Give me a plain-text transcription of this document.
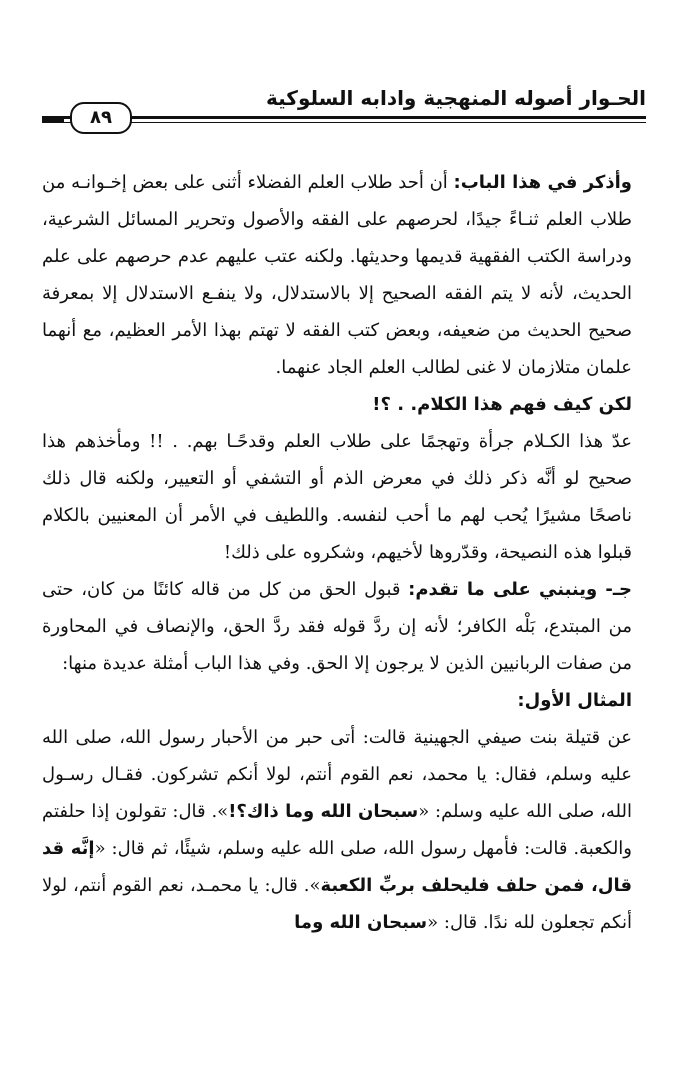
الحـوار أصوله المنهجية وادابه السلوكية
٨٩

وأذكر في هذا الباب: أن أحد طلاب العلم الفضلاء أثنى على بعض إخـوانـه من طلاب العلم ثنـاءً جيدًا، لحرصهم على الفقه والأصول وتحرير المسائل الشرعية، ودراسة الكتب الفقهية قديمها وحديثها. ولكنه عتب عليهم عدم حرصهم على علم الحديث، لأنه لا يتم الفقه الصحيح إلا بالاستدلال، ولا ينفـع الاستدلال إلا بمعرفة صحيح الحديث من ضعيفه، وبعض كتب الفقه لا تهتم بهذا الأمر العظيم، مع أنهما علمان متلازمان لا غنى لطالب العلم الجاد عنهما.

لكن كيف فهم هذا الكلام. . ؟!

عدّ هذا الكـلام جرأة وتهجمًا على طلاب العلم وقدحًـا بهم. . !! ومأخذهم هذا صحيح لو أنَّه ذكر ذلك في معرض الذم أو التشفي أو التعيير، ولكنه قال ذلك ناصحًا مشيرًا يُحب لهم ما أحب لنفسه. واللطيف في الأمر أن المعنيين بالكلام قبلوا هذه النصيحة، وقدّروها لأخيهم، وشكروه على ذلك!

جـ- وينبني على ما تقدم: قبول الحق من كل من قاله كائنًا من كان، حتى من المبتدع، بَلْه الكافر؛ لأنه إن ردَّ قوله فقد ردَّ الحق، والإنصاف في المحاورة من صفات الربانيين الذين لا يرجون إلا الحق. وفي هذا الباب أمثلة عديدة منها:

المثال الأول:

عن قتيلة بنت صيفي الجهينية قالت: أتى حبر من الأحبار رسول الله، صلى الله عليه وسلم، فقال: يا محمد، نعم القوم أنتم، لولا أنكم تشركون. فقـال رسـول الله، صلى الله عليه وسلم: «سبحان الله وما ذاك؟!». قال: تقولون إذا حلفتم والكعبة. قالت: فأمهل رسول الله، صلى الله عليه وسلم، شيئًا، ثم قال: «إنَّه قد قال، فمن حلف فليحلف بربِّ الكعبة». قال: يا محمـد، نعم القوم أنتم، لولا أنكم تجعلون لله ندًا. قال: «سبحان الله وما
